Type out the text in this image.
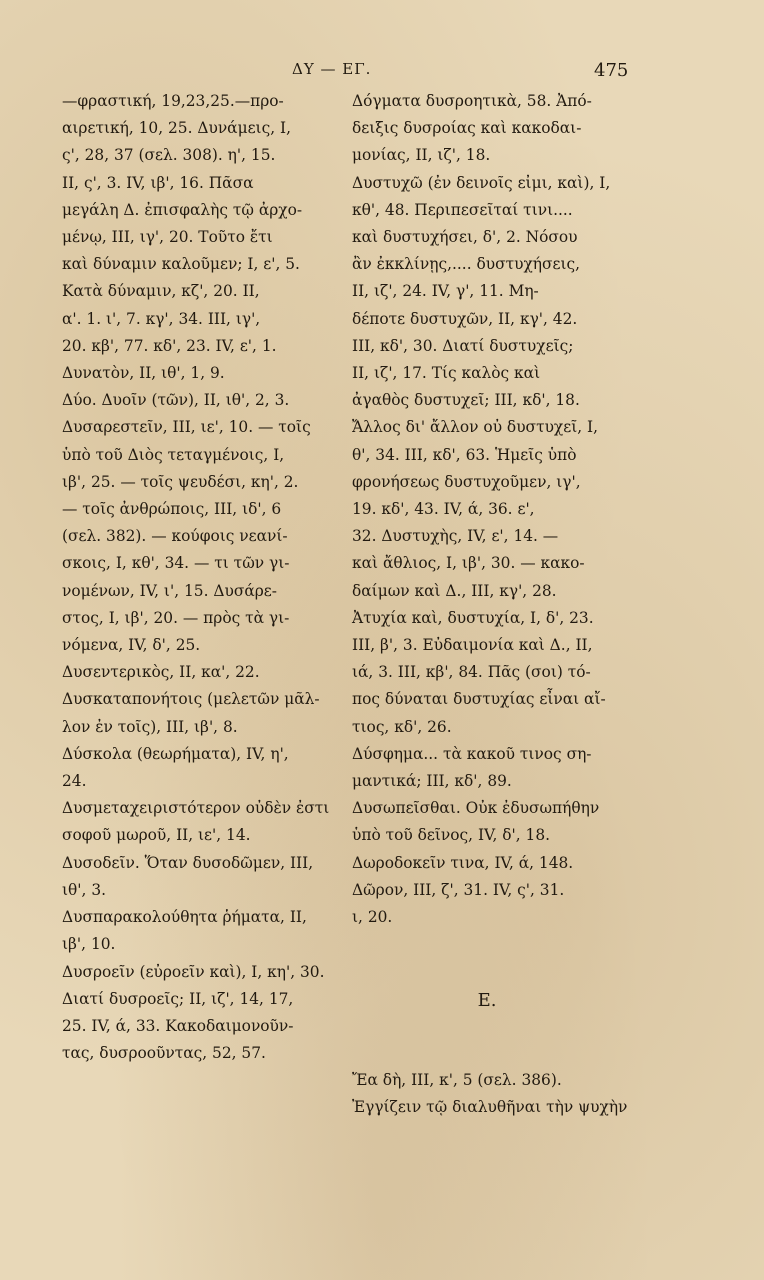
ΔΥ — ΕΓ.	475
—φραστική, 19,23,25.—προ-
αιρετική, 10, 25. Δυνάμεις, Ι,
ς', 28, 37 (σελ. 308). η', 15.
ΙΙ, ς', 3. IV, ιβ', 16. Πᾶσα
μεγάλη Δ. ἐπισφαλὴς τῷ ἀρχο-
μένῳ, ΙΙΙ, ιγ', 20. Τοῦτο ἔτι
καὶ δύναμιν καλοῦμεν; Ι, ε', 5.
Κατὰ δύναμιν, κζ', 20. ΙΙ,
α'. 1. ι', 7. κγ', 34. ΙΙΙ, ιγ',
20. κβ', 77. κδ', 23. IV, ε', 1.
Δυνατὸν, ΙΙ, ιθ', 1, 9.
Δύο. Δυοῖν (τῶν), ΙΙ, ιθ', 2, 3.
Δυσαρεστεῖν, ΙΙΙ, ιε', 10. — τοῖς
ὑπὸ τοῦ Διὸς τεταγμένοις, Ι,
ιβ', 25. — τοῖς ψευδέσι, κη', 2.
— τοῖς ἀνθρώποις, ΙΙΙ, ιδ', 6
(σελ. 382). — κούφοις νεανί-
σκοις, Ι, κθ', 34. — τι τῶν γι-
νομένων, IV, ι', 15. Δυσάρε-
στος, Ι, ιβ', 20. — πρὸς τὰ γι-
νόμενα, IV, δ', 25.
Δυσεντερικὸς, ΙΙ, κα', 22.
Δυσκαταπονήτοις (μελετῶν μᾶλ-
λον ἐν τοῖς), ΙΙΙ, ιβ', 8.
Δύσκολα (θεωρήματα), IV, η',
24.
Δυσμεταχειριστότερον οὐδὲν ἐστι
σοφοῦ μωροῦ, ΙΙ, ιε', 14.
Δυσοδεῖν. Ὅταν δυσοδῶμεν, ΙΙΙ,
ιθ', 3.
Δυσπαρακολούθητα ῥήματα, ΙΙ,
ιβ', 10.
Δυσροεῖν (εὐροεῖν καὶ), Ι, κη', 30.
Διατί δυσροεῖς; ΙΙ, ιζ', 14, 17,
25. IV, ά, 33. Κακοδαιμονοῦν-
τας, δυσροοῦντας, 52, 57.
Δόγματα δυσροητικὰ, 58. Ἀπό-
δειξις δυσροίας καὶ κακοδαι-
μονίας, ΙΙ, ιζ', 18.
Δυστυχῶ (ἐν δεινοῖς εἰμι, καὶ), Ι,
κθ', 48. Περιπεσεῖταί τινι....
καὶ δυστυχήσει, δ', 2. Νόσου
ἂν ἐκκλίνῃς,.... δυστυχήσεις,
ΙΙ, ιζ', 24. IV, γ', 11. Μη-
δέποτε δυστυχῶν, ΙΙ, κγ', 42.
ΙΙΙ, κδ', 30. Διατί δυστυχεῖς;
ΙΙ, ιζ', 17. Τίς καλὸς καὶ
ἀγαθὸς δυστυχεῖ; ΙΙΙ, κδ', 18.
Ἄλλος δι' ἄλλον οὐ δυστυχεῖ, Ι,
θ', 34. ΙΙΙ, κδ', 63. Ἡμεῖς ὑπὸ
φρονήσεως δυστυχοῦμεν, ιγ',
19. κδ', 43. IV, ά, 36. ε',
32. Δυστυχὴς, IV, ε', 14. —
καὶ ἄθλιος, Ι, ιβ', 30. — κακο-
δαίμων καὶ Δ., ΙΙΙ, κγ', 28.
Ἀτυχία καὶ, δυστυχία, Ι, δ', 23.
ΙΙΙ, β', 3. Εὐδαιμονία καὶ Δ., ΙΙ,
ιά, 3. ΙΙΙ, κβ', 84. Πᾶς (σοι) τό-
πος δύναται δυστυχίας εἶναι αἴ-
τιος, κδ', 26.
Δύσφημα... τὰ κακοῦ τινος ση-
μαντικά; ΙΙΙ, κδ', 89.
Δυσωπεῖσθαι. Οὐκ ἐδυσωπήθην
ὑπὸ τοῦ δεῖνος, IV, δ', 18.
Δωροδοκεῖν τινα, IV, ά, 148.
Δῶρον, ΙΙΙ, ζ', 31. IV, ς', 31.
ι, 20.
Ε.
Ἔα δὴ, ΙΙΙ, κ', 5 (σελ. 386).
Ἐγγίζειν τῷ διαλυθῆναι τὴν ψυχὴν
